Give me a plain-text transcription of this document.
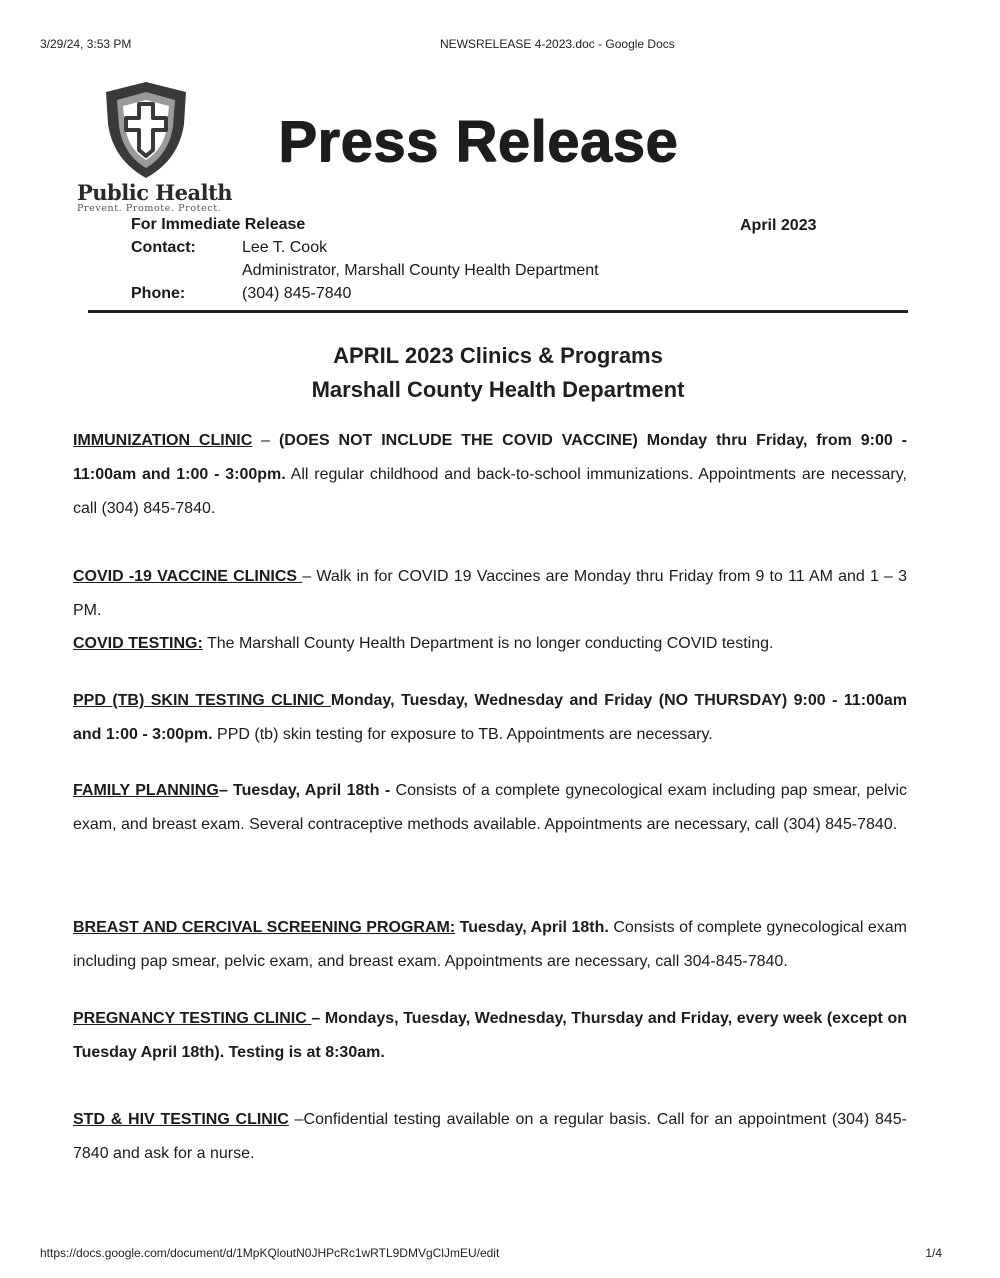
3/29/24, 3:53 PM	NEWSRELEASE 4-2023.doc - Google Docs
Public Health
Prevent. Promote. Protect.
Press Release
For Immediate Release	April 2023
Contact:	Lee T. Cook
Administrator, Marshall County Health Department
Phone:	(304) 845-7840
APRIL 2023 Clinics & Programs
Marshall County Health Department
IMMUNIZATION CLINIC – (DOES NOT INCLUDE THE COVID VACCINE) Monday thru Friday, from 9:00 - 11:00am and 1:00 - 3:00pm. All regular childhood and back-to-school immunizations. Appointments are necessary, call (304) 845-7840.
COVID -19 VACCINE CLINICS – Walk in for COVID 19 Vaccines are Monday thru Friday from 9 to 11 AM and 1 – 3 PM.
COVID TESTING: The Marshall County Health Department is no longer conducting COVID testing.
PPD (TB) SKIN TESTING CLINIC Monday, Tuesday, Wednesday and Friday (NO THURSDAY) 9:00 - 11:00am and 1:00 - 3:00pm. PPD (tb) skin testing for exposure to TB. Appointments are necessary.
FAMILY PLANNING– Tuesday, April 18th - Consists of a complete gynecological exam including pap smear, pelvic exam, and breast exam. Several contraceptive methods available. Appointments are necessary, call (304) 845-7840.
BREAST AND CERCIVAL SCREENING PROGRAM: Tuesday, April 18th. Consists of complete gynecological exam including pap smear, pelvic exam, and breast exam. Appointments are necessary, call 304-845-7840.
PREGNANCY TESTING CLINIC – Mondays, Tuesday, Wednesday, Thursday and Friday, every week (except on Tuesday April 18th). Testing is at 8:30am.
STD & HIV TESTING CLINIC –Confidential testing available on a regular basis. Call for an appointment (304) 845-7840 and ask for a nurse.
https://docs.google.com/document/d/1MpKQloutN0JHPcRc1wRTL9DMVgClJmEU/edit	1/4
